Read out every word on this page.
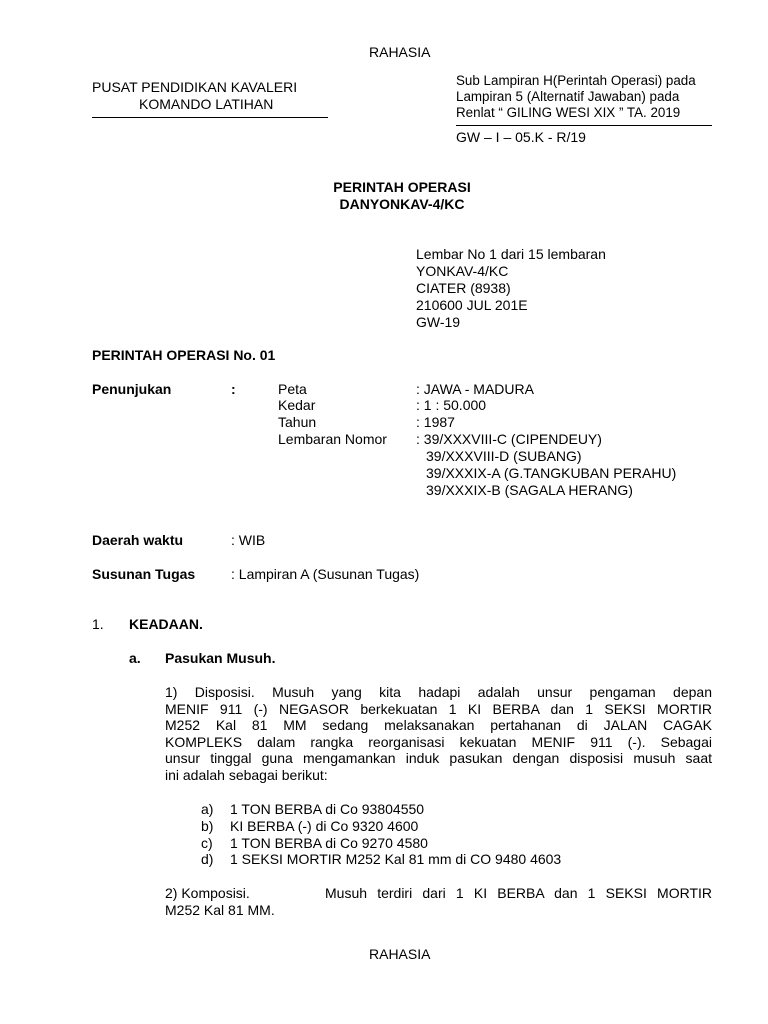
RAHASIA
PUSAT PENDIDIKAN KAVALERI
KOMANDO LATIHAN
Sub Lampiran H(Perintah Operasi) pada
Lampiran 5 (Alternatif Jawaban) pada
Renlat “ GILING WESI XIX ” TA. 2019
GW – I – 05.K - R/19
PERINTAH OPERASI
DANYONKAV-4/KC
Lembar No 1 dari 15 lembaran
YONKAV-4/KC
CIATER (8938)
210600 JUL 201E
GW-19
PERINTAH OPERASI No. 01
Penunjukan	:	Peta	: JAWA - MADURA
Kedar	: 1 : 50.000
Tahun	: 1987
Lembaran Nomor : 39/XXXVIII-C (CIPENDEUY)
39/XXXVIII-D (SUBANG)
39/XXXIX-A (G.TANGKUBAN PERAHU)
39/XXXIX-B (SAGALA HERANG)
Daerah waktu	: WIB
Susunan Tugas	: Lampiran A (Susunan Tugas)
1. KEADAAN.
a. Pasukan Musuh.
1) Disposisi. Musuh yang kita hadapi adalah unsur pengaman depan
MENIF 911 (-) NEGASOR berkekuatan 1 KI BERBA dan 1 SEKSI MORTIR
M252 Kal 81 MM sedang melaksanakan pertahanan di JALAN CAGAK
KOMPLEKS dalam rangka reorganisasi kekuatan MENIF 911 (-). Sebagai
unsur tinggal guna mengamankan induk pasukan dengan disposisi musuh saat
ini adalah sebagai berikut:
a) 1 TON BERBA di Co 93804550
b) KI BERBA (-) di Co 9320 4600
c) 1 TON BERBA di Co 9270 4580
d) 1 SEKSI MORTIR M252 Kal 81 mm di CO 9480 4603
2) Komposisi.	Musuh terdiri dari 1 KI BERBA dan 1 SEKSI MORTIR
M252 Kal 81 MM.
RAHASIA
